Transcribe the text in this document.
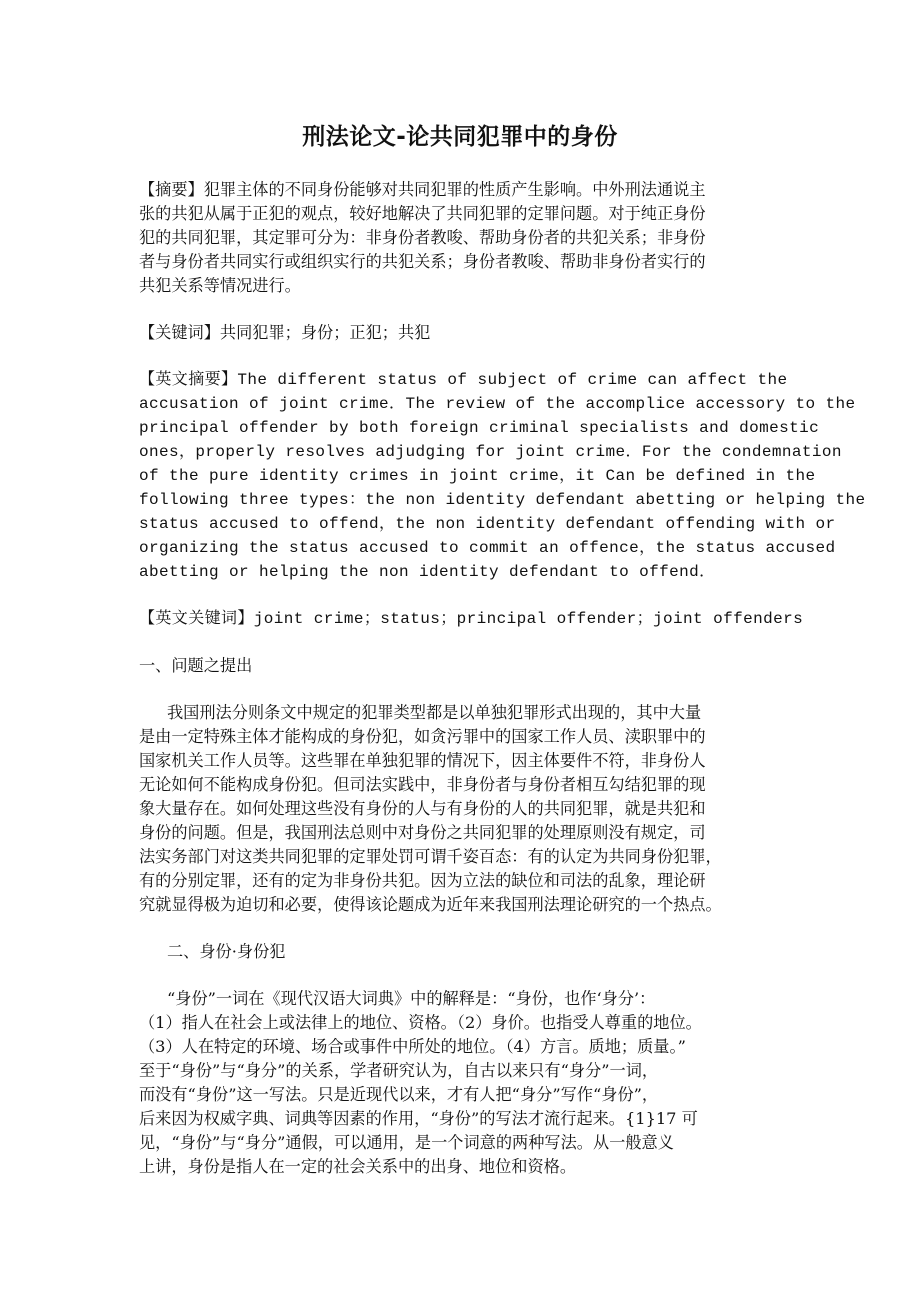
刑法论文-论共同犯罪中的身份

【摘要】犯罪主体的不同身份能够对共同犯罪的性质产生影响。中外刑法通说主

张的共犯从属于正犯的观点，较好地解决了共同犯罪的定罪问题。对于纯正身份

犯的共同犯罪，其定罪可分为：非身份者教唆、帮助身份者的共犯关系；非身份

者与身份者共同实行或组织实行的共犯关系；身份者教唆、帮助非身份者实行的

共犯关系等情况进行。

【关键词】共同犯罪；身份；正犯；共犯

【英文摘要】The different status of subject of crime can affect the

accusation of joint crime．The review of the accomplice accessory to the

principal offender by both foreign criminal specialists and domestic

ones，properly resolves adjudging for joint crime．For the condemnation

of the pure identity crimes in joint crime，it Can be defined in the

following three types：the non identity defendant abetting or helping the

status accused to offend，the non identity defendant offending with or

organizing the status accused to commit an offence，the status accused

abetting or helping the non identity defendant to offend．

【英文关键词】joint crime；status；principal offender；joint offenders

一、问题之提出

我国刑法分则条文中规定的犯罪类型都是以单独犯罪形式出现的，其中大量

是由一定特殊主体才能构成的身份犯，如贪污罪中的国家工作人员、渎职罪中的

国家机关工作人员等。这些罪在单独犯罪的情况下，因主体要件不符，非身份人

无论如何不能构成身份犯。但司法实践中，非身份者与身份者相互勾结犯罪的现

象大量存在。如何处理这些没有身份的人与有身份的人的共同犯罪，就是共犯和

身份的问题。但是，我国刑法总则中对身份之共同犯罪的处理原则没有规定，司

法实务部门对这类共同犯罪的定罪处罚可谓千姿百态：有的认定为共同身份犯罪，

有的分别定罪，还有的定为非身份共犯。因为立法的缺位和司法的乱象，理论研

究就显得极为迫切和必要，使得该论题成为近年来我国刑法理论研究的一个热点。

二、身份·身份犯

“身份”一词在《现代汉语大词典》中的解释是：“身份，也作‘身分’：

（1）指人在社会上或法律上的地位、资格。（2）身价。也指受人尊重的地位。

（3）人在特定的环境、场合或事件中所处的地位。（4）方言。质地；质量。”

至于“身份”与“身分”的关系，学者研究认为，自古以来只有“身分”一词，

而没有“身份”这一写法。只是近现代以来，才有人把“身分”写作“身份”，

后来因为权威字典、词典等因素的作用，“身份”的写法才流行起来。{1}17 可

见，“身份”与“身分”通假，可以通用，是一个词意的两种写法。从一般意义

上讲，身份是指人在一定的社会关系中的出身、地位和资格。
